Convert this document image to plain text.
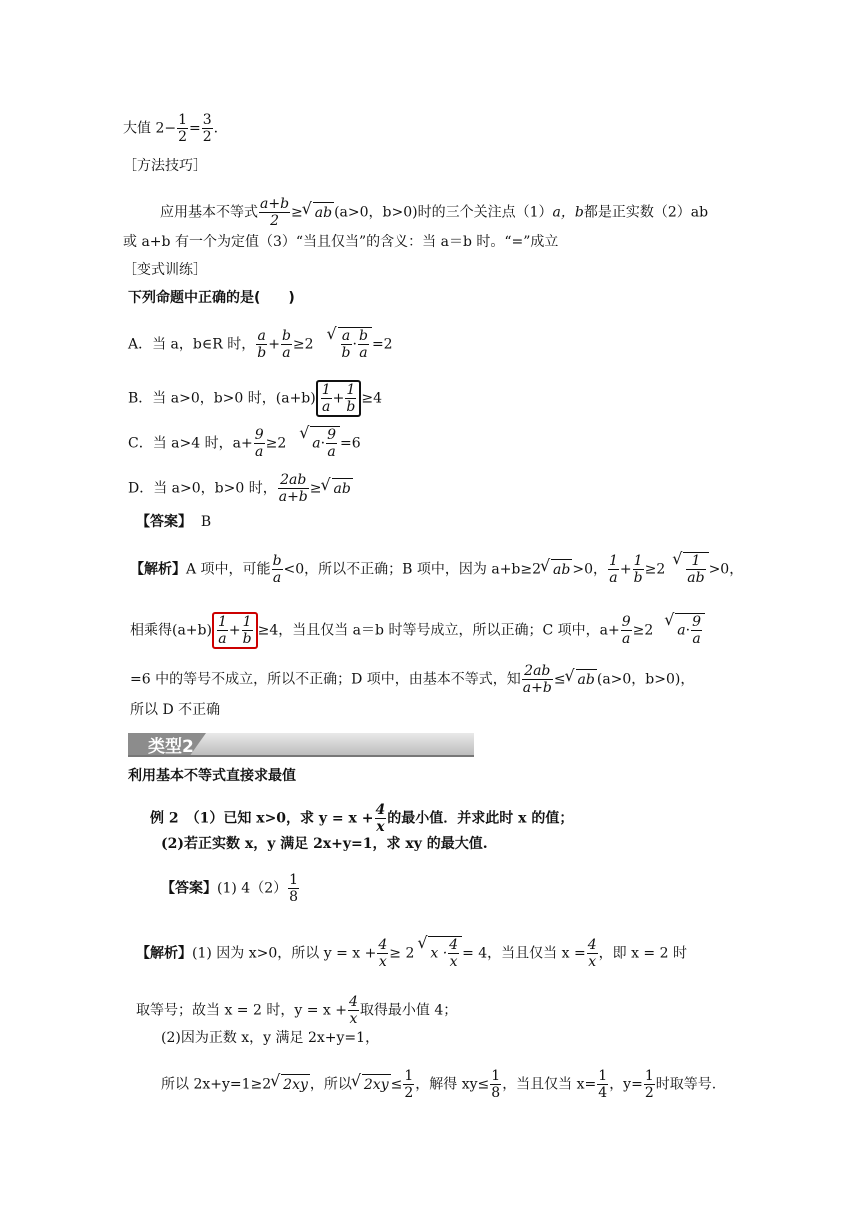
大值 $2- \frac{1}{2} = \frac{3}{2}$ .
［方法技巧］
应用基本不等式 $\frac{a+b}{2}$ ≥√ ab (a>0，b>0)时的三个关注点（1）a，b都是正实数（2）ab
或 a+b 有一个为定值（3）“当且仅当”的含义：当 a＝b 时。“=”成立
［变式训练］
下列命题中正确的是(　　)
A．当 a，b∈R 时， $\frac{a}{b} + \frac{b}{a} \ge 2$
√ $\frac{a}{b} \cdot \frac{b}{a} =2$
B．当 a>0，b>0 时，$(a+b) \frac{1}{a} + \frac{1}{b} \ge 4$
C．当 a>4 时，$a+ \frac{9}{a} \ge 2√$ $a\cdot \frac{9}{a} =6$
D．当 a>0，b>0 时， $\frac{2ab}{a+b}$ ≥√ ab
【答案】 B
【解析】A 项中，可能 $\frac{b}{a} <0$，所以不正确；B 项中，因为 a+b≥2√ ab >0， $\frac{1}{a} + \frac{1}{b} \ge 2$
√ $\frac{1}{ab} >0$，
相乘得$(a+b) \frac{1}{a} + \frac{1}{b} \ge 4$，当且仅当 a＝b 时等号成立，所以正确；C 项中，$a+ \frac{9}{a} \ge 2√$ $a\cdot \frac{9}{a}$
=6 中的等号不成立，所以不正确；D 项中，由基本不等式，知 $\frac{2ab}{a+b}$ ≤√ ab (a>0，b>0)，
所以 D 不正确
类型2
利用基本不等式直接求最值
例 2　（1）已知 x>0，求 $y = x + \frac{4}{x}$ 的最小值．并求此时 x 的值；
(2)若正实数 x，y 满足 2x+y=1，求 xy 的最大值.
【答案】(1) $4(2) \frac{1}{8}$
【解析】(1) 因为 x>0，所以 $y = x + \frac{4}{x} \ge 2√$ $x \cdot \frac{4}{x} = 4$，当且仅当 $x = \frac{4}{x}$ ，即 x = 2 时
取等号；故当 x = 2 时，$y = x + \frac{4}{x}$ 取得最小值 4；
(2)因为正数 x，y 满足 2x+y=1，
所以 2x+y=1≥2√ 2xy ，所以√ $2xy \le \frac{1}{2}$ ，解得 $xy\le \frac{1}{8}$ ，当且仅当 $x= \frac{1}{4}$ ，$y= \frac{1}{2}$ 时取等号.
